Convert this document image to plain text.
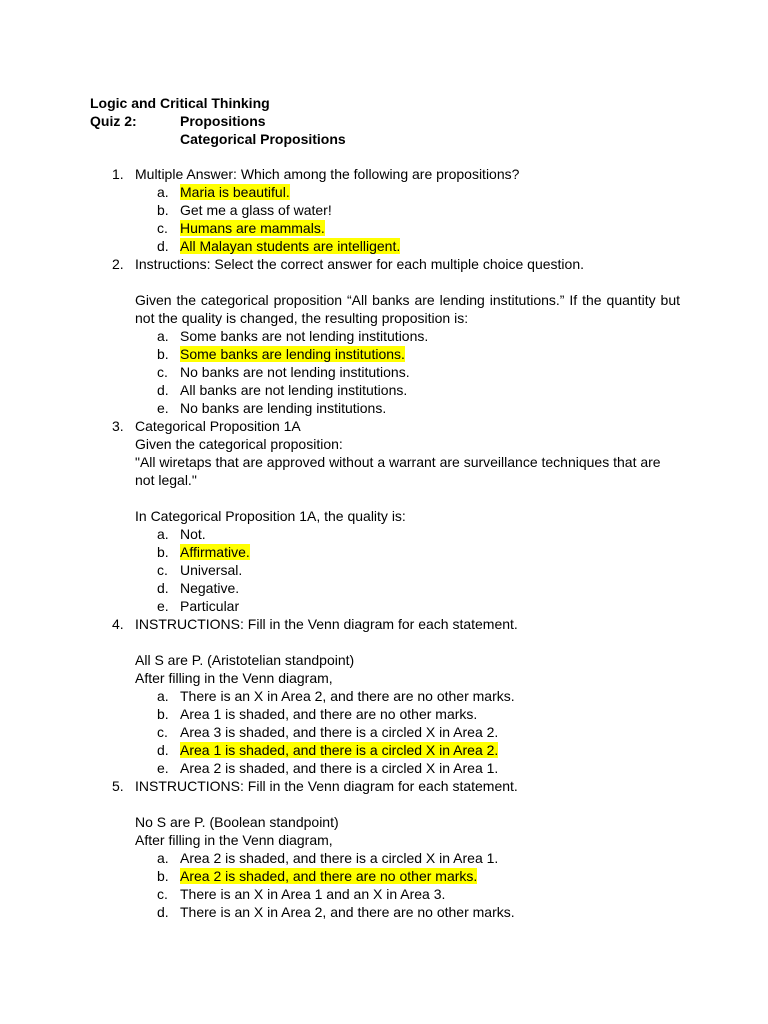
Logic and Critical Thinking
Quiz 2:	Propositions
Categorical Propositions
1. Multiple Answer: Which among the following are propositions?
a. Maria is beautiful.
b. Get me a glass of water!
c. Humans are mammals.
d. All Malayan students are intelligent.
2. Instructions: Select the correct answer for each multiple choice question.
Given the categorical proposition “All banks are lending institutions.” If the quantity but not the quality is changed, the resulting proposition is:
a. Some banks are not lending institutions.
b. Some banks are lending institutions.
c. No banks are not lending institutions.
d. All banks are not lending institutions.
e. No banks are lending institutions.
3. Categorical Proposition 1A
Given the categorical proposition:
"All wiretaps that are approved without a warrant are surveillance techniques that are not legal."
In Categorical Proposition 1A, the quality is:
a. Not.
b. Affirmative.
c. Universal.
d. Negative.
e. Particular
4. INSTRUCTIONS: Fill in the Venn diagram for each statement.
All S are P. (Aristotelian standpoint)
After filling in the Venn diagram,
a. There is an X in Area 2, and there are no other marks.
b. Area 1 is shaded, and there are no other marks.
c. Area 3 is shaded, and there is a circled X in Area 2.
d. Area 1 is shaded, and there is a circled X in Area 2.
e. Area 2 is shaded, and there is a circled X in Area 1.
5. INSTRUCTIONS: Fill in the Venn diagram for each statement.
No S are P. (Boolean standpoint)
After filling in the Venn diagram,
a. Area 2 is shaded, and there is a circled X in Area 1.
b. Area 2 is shaded, and there are no other marks.
c. There is an X in Area 1 and an X in Area 3.
d. There is an X in Area 2, and there are no other marks.
